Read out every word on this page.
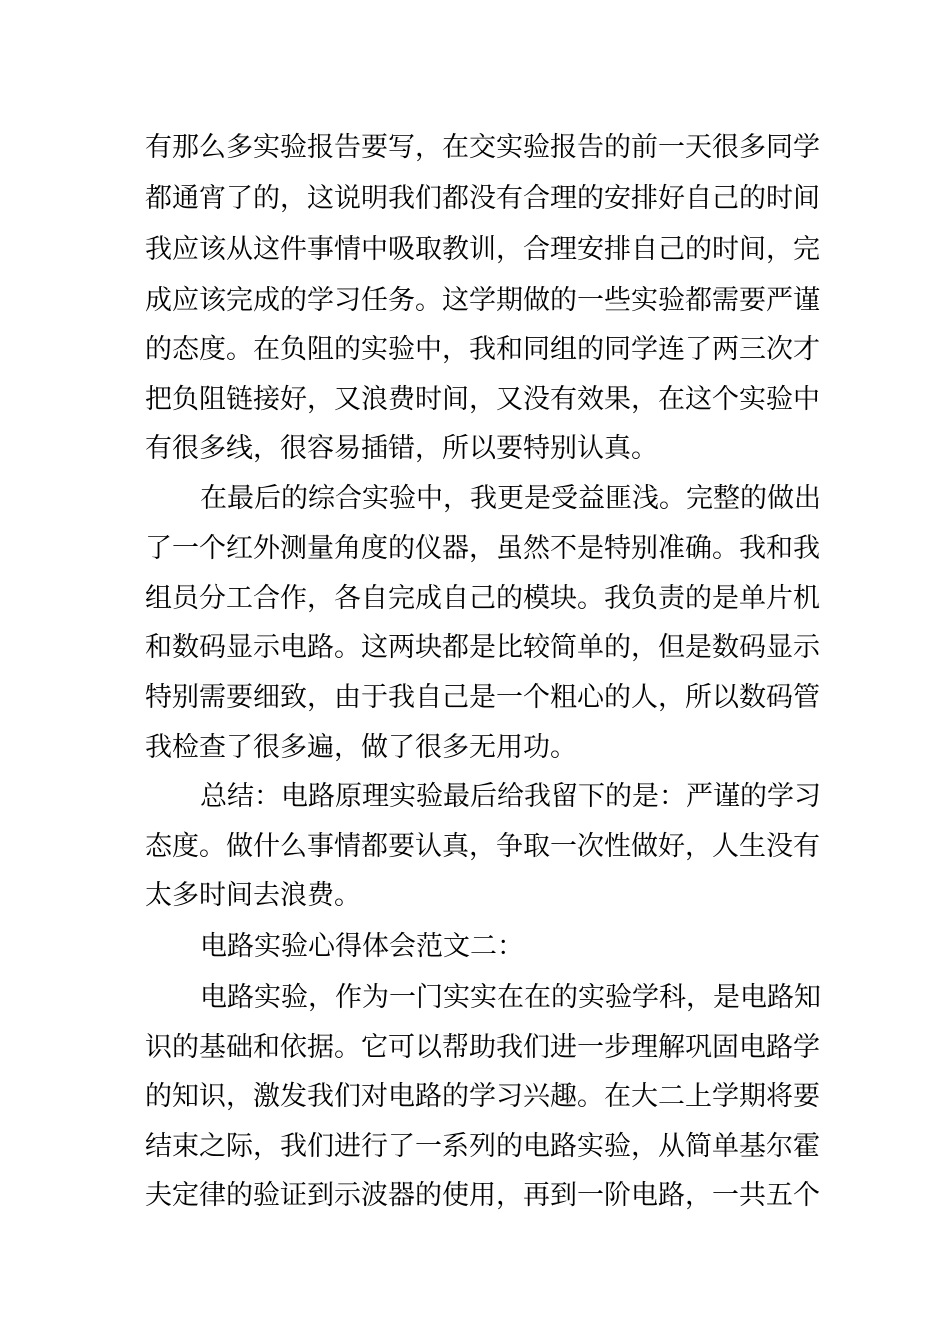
有那么多实验报告要写，在交实验报告的前一天很多同学
都通宵了的，这说明我们都没有合理的安排好自己的时间
我应该从这件事情中吸取教训，合理安排自己的时间，完
成应该完成的学习任务。这学期做的一些实验都需要严谨
的态度。在负阻的实验中，我和同组的同学连了两三次才
把负阻链接好，又浪费时间，又没有效果，在这个实验中
有很多线，很容易插错，所以要特别认真。
在最后的综合实验中，我更是受益匪浅。完整的做出
了一个红外测量角度的仪器，虽然不是特别准确。我和我
组员分工合作，各自完成自己的模块。我负责的是单片机
和数码显示电路。这两块都是比较简单的，但是数码显示
特别需要细致，由于我自己是一个粗心的人，所以数码管
我检查了很多遍，做了很多无用功。
总结：电路原理实验最后给我留下的是：严谨的学习
态度。做什么事情都要认真，争取一次性做好，人生没有
太多时间去浪费。
电路实验心得体会范文二：
电路实验，作为一门实实在在的实验学科，是电路知
识的基础和依据。它可以帮助我们进一步理解巩固电路学
的知识，激发我们对电路的学习兴趣。在大二上学期将要
结束之际，我们进行了一系列的电路实验，从简单基尔霍
夫定律的验证到示波器的使用，再到一阶电路，一共五个
